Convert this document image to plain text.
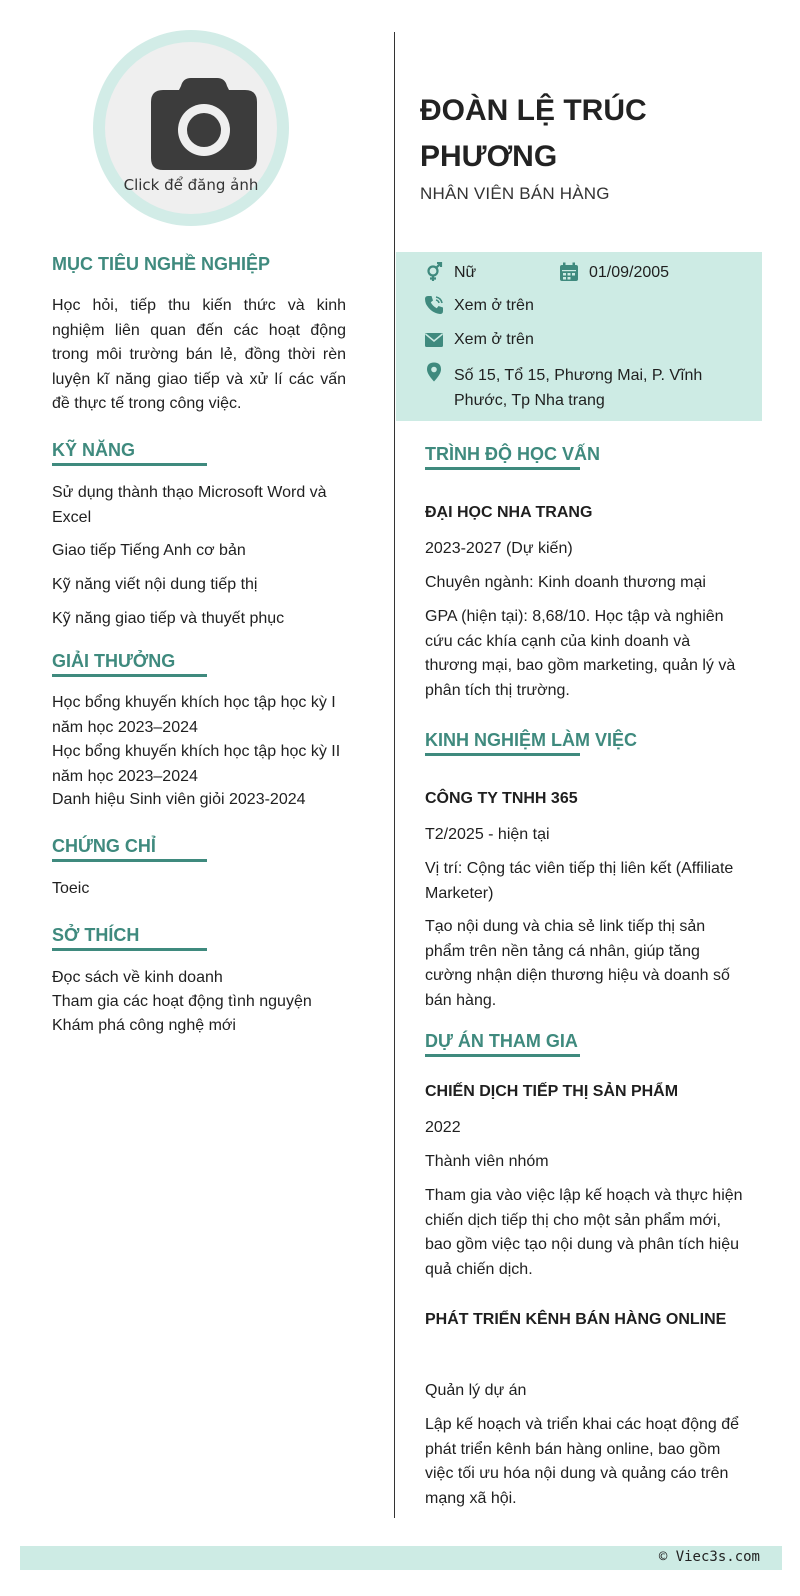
Click để đăng ảnh
MỤC TIÊU NGHỀ NGHIỆP
Học hỏi, tiếp thu kiến thức và kinh nghiệm liên quan đến các hoạt động trong môi trường bán lẻ, đồng thời rèn luyện kĩ năng giao tiếp và xử lí các vấn đề thực tế trong công việc.
KỸ NĂNG
Sử dụng thành thạo Microsoft Word và Excel
Giao tiếp Tiếng Anh cơ bản
Kỹ năng viết nội dung tiếp thị
Kỹ năng giao tiếp và thuyết phục
GIẢI THƯỞNG
Học bổng khuyến khích học tập học kỳ I năm học 2023–2024
Học bổng khuyến khích học tập học kỳ II năm học 2023–2024
Danh hiệu Sinh viên giỏi 2023-2024
CHỨNG CHỈ
Toeic
SỞ THÍCH
Đọc sách về kinh doanh
Tham gia các hoạt động tình nguyện
Khám phá công nghệ mới
ĐOÀN LỆ TRÚC PHƯƠNG
NHÂN VIÊN BÁN HÀNG
Nữ	01/09/2005
Xem ở trên
Xem ở trên
Số 15, Tổ 15, Phương Mai, P. Vĩnh Phước, Tp Nha trang
TRÌNH ĐỘ HỌC VẤN
ĐẠI HỌC NHA TRANG
2023-2027 (Dự kiến)
Chuyên ngành: Kinh doanh thương mại
GPA (hiện tại): 8,68/10. Học tập và nghiên cứu các khía cạnh của kinh doanh và thương mại, bao gồm marketing, quản lý và phân tích thị trường.
KINH NGHIỆM LÀM VIỆC
CÔNG TY TNHH 365
T2/2025 - hiện tại
Vị trí: Cộng tác viên tiếp thị liên kết (Affiliate Marketer)
Tạo nội dung và chia sẻ link tiếp thị sản phẩm trên nền tảng cá nhân, giúp tăng cường nhận diện thương hiệu và doanh số bán hàng.
DỰ ÁN THAM GIA
CHIẾN DỊCH TIẾP THỊ SẢN PHẨM
2022
Thành viên nhóm
Tham gia vào việc lập kế hoạch và thực hiện chiến dịch tiếp thị cho một sản phẩm mới, bao gồm việc tạo nội dung và phân tích hiệu quả chiến dịch.
PHÁT TRIỂN KÊNH BÁN HÀNG ONLINE
Quản lý dự án
Lập kế hoạch và triển khai các hoạt động để phát triển kênh bán hàng online, bao gồm việc tối ưu hóa nội dung và quảng cáo trên mạng xã hội.
© Viec3s.com
